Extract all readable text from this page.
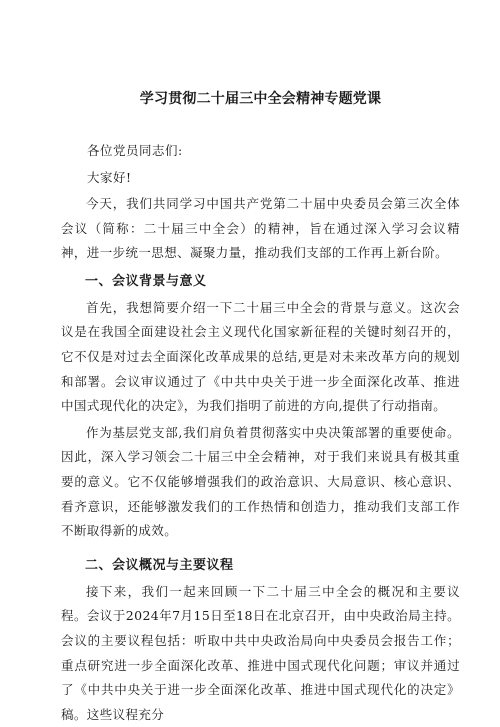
学习贯彻二十届三中全会精神专题党课
各位党员同志们:
大家好!

今天，我们共同学习中国共产党第二十届中央委员会第三次全体会议（简称：二十届三中全会）的精神，旨在通过深入学习会议精神，进一步统一思想、凝聚力量，推动我们支部的工作再上新台阶。

一、会议背景与意义

首先，我想简要介绍一下二十届三中全会的背景与意义。这次会议是在我国全面建设社会主义现代化国家新征程的关键时刻召开的，它不仅是对过去全面深化改革成果的总结,更是对未来改革方向的规划和部署。会议审议通过了《中共中央关于进一步全面深化改革、推进中国式现代化的决定》，为我们指明了前进的方向,提供了行动指南。

作为基层党支部,我们肩负着贯彻落实中央决策部署的重要使命。因此，深入学习领会二十届三中全会精神，对于我们来说具有极其重要的意义。它不仅能够增强我们的政治意识、大局意识、核心意识、看齐意识，还能够激发我们的工作热情和创造力，推动我们支部工作不断取得新的成效。

二、会议概况与主要议程

接下来，我们一起来回顾一下二十届三中全会的概况和主要议程。会议于2024年7月15日至18日在北京召开，由中央政治局主持。会议的主要议程包括：听取中共中央政治局向中央委员会报告工作；重点研究进一步全面深化改革、推进中国式现代化问题；审议并通过了《中共中央关于进一步全面深化改革、推进中国式现代化的决定》稿。这些议程充分
